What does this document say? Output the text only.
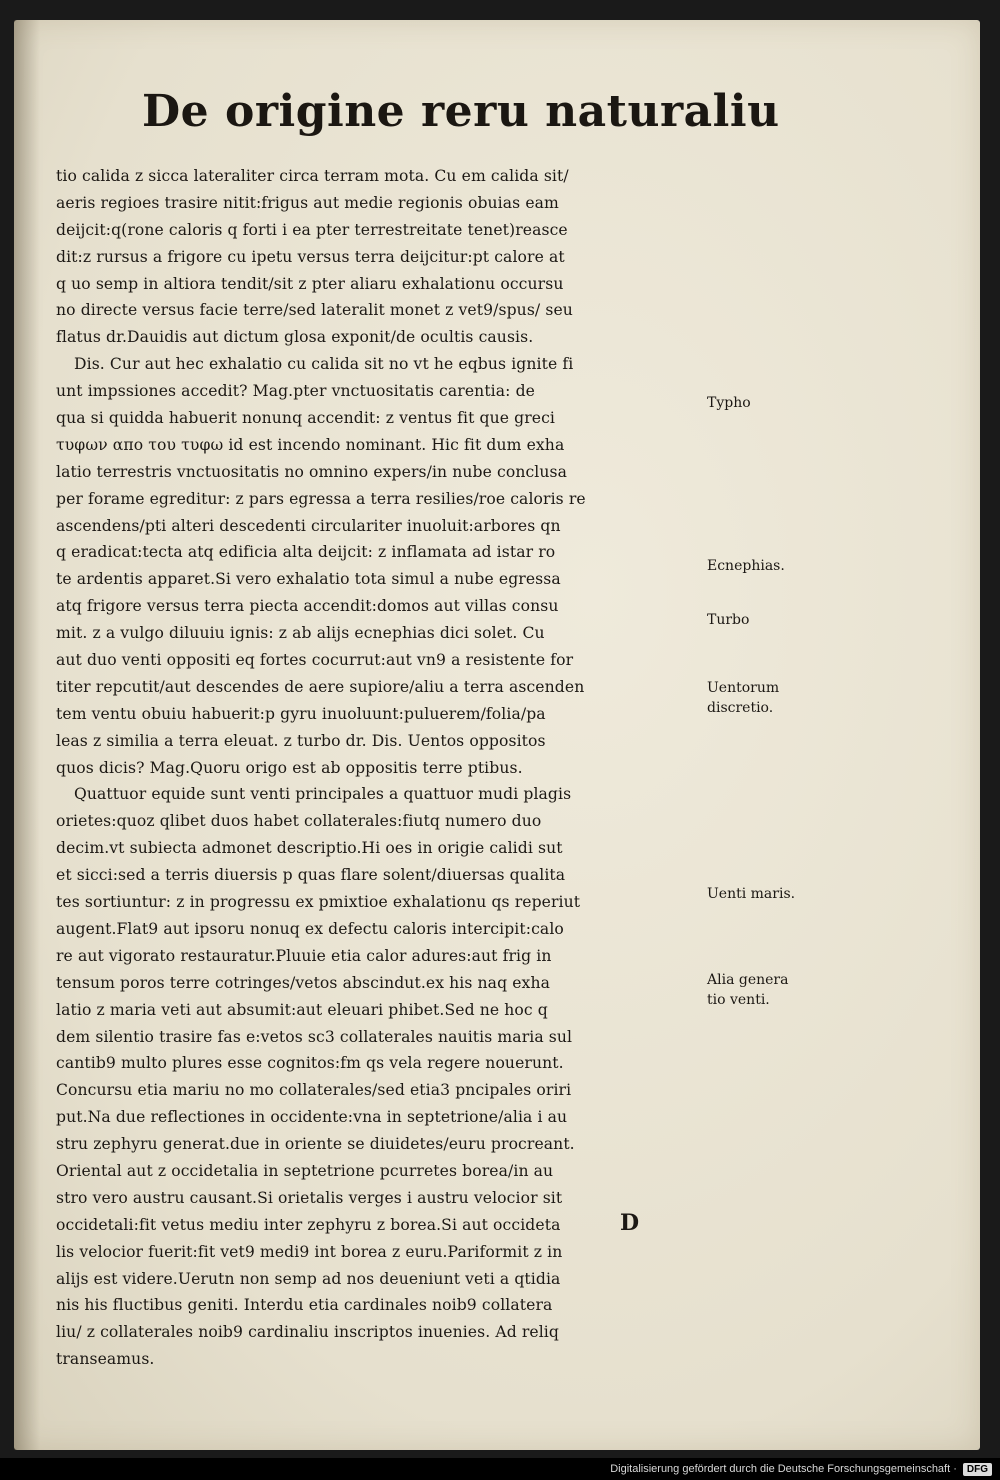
De origine reru naturaliu
tio calida z sicca lateraliter circa terram mota. Cu em calida sit/
aeris regioes trasire nitit:frigus aut medie regionis obuias eam
deijcit:q(rone caloris q forti i ea pter terrestreitate tenet)reasce
dit:z rursus a frigore cu ipetu versus terra deijcitur:pt calore at
q uo semp in altiora tendit/sit z pter aliaru exhalationu occursu
no directe versus facie terre/sed lateralit monet z vet9/spus/ seu
flatus dr.Dauidis aut dictum glosa exponit/de ocultis causis.
Dis. Cur aut hec exhalatio cu calida sit no vt he eqbus ignite fi
unt impssiones accedit? Mag.pter vnctuositatis carentia: de
qua si quidda habuerit nonunq accendit: z ventus fit que greci
τυφων απο του τυφω id est incendo nominant. Hic fit dum exha
latio terrestris vnctuositatis no omnino expers/in nube conclusa
per forame egreditur: z pars egressa a terra resilies/roe caloris re
ascendens/pti alteri descedenti circulariter inuoluit:arbores qn
q eradicat:tecta atq edificia alta deijcit: z inflamata ad istar ro
te ardentis apparet.Si vero exhalatio tota simul a nube egressa
atq frigore versus terra piecta accendit:domos aut villas consu
mit. z a vulgo diluuiu ignis: z ab alijs ecnephias dici solet. Cu
aut duo venti oppositi eq fortes cocurrut:aut vn9 a resistente for
titer repcutit/aut descendes de aere supiore/aliu a terra ascenden
tem ventu obuiu habuerit:p gyru inuoluunt:puluerem/folia/pa
leas z similia a terra eleuat. z turbo dr. Dis. Uentos oppositos
quos dicis? Mag.Quoru origo est ab oppositis terre ptibus.
Quattuor equide sunt venti principales a quattuor mudi plagis
orietes:quoz qlibet duos habet collaterales:fiutq numero duo
decim.vt subiecta admonet descriptio.Hi oes in origie calidi sut
et sicci:sed a terris diuersis p quas flare solent/diuersas qualita
tes sortiuntur: z in progressu ex pmixtioe exhalationu qs reperiut
augent.Flat9 aut ipsoru nonuq ex defectu caloris intercipit:calo
re aut vigorato restauratur.Pluuie etia calor adures:aut frig in
tensum poros terre cotringes/vetos abscindut.ex his naq exha
latio z maria veti aut absumit:aut eleuari phibet.Sed ne hoc q
dem silentio trasire fas e:vetos sc3 collaterales nauitis maria sul
cantib9 multo plures esse cognitos:fm qs vela regere nouerunt.
Concursu etia mariu no mo collaterales/sed etia3 pncipales oriri
put.Na due reflectiones in occidente:vna in septetrione/alia i au
stru zephyru generat.due in oriente se diuidetes/euru procreant.
Oriental aut z occidetalia in septetrione pcurretes borea/in au
stro vero austru causant.Si orietalis verges i austru velocior sit
occidetali:fit vetus mediu inter zephyru z borea.Si aut occideta
lis velocior fuerit:fit vet9 medi9 int borea z euru.Pariformit z in
alijs est videre.Uerutn non semp ad nos deueniunt veti a qtidia
nis his fluctibus geniti. Interdu etia cardinales noib9 collatera
liu/ z collaterales noib9 cardinaliu inscriptos inuenies. Ad reliq
transeamus.
Typho
Ecnephias.
Turbo
Uentorum
discretio.
Uenti maris.
Alia genera
tio venti.
D
Digitalisierung gefördert durch die Deutsche Forschungsgemeinschaft ·	DFG
